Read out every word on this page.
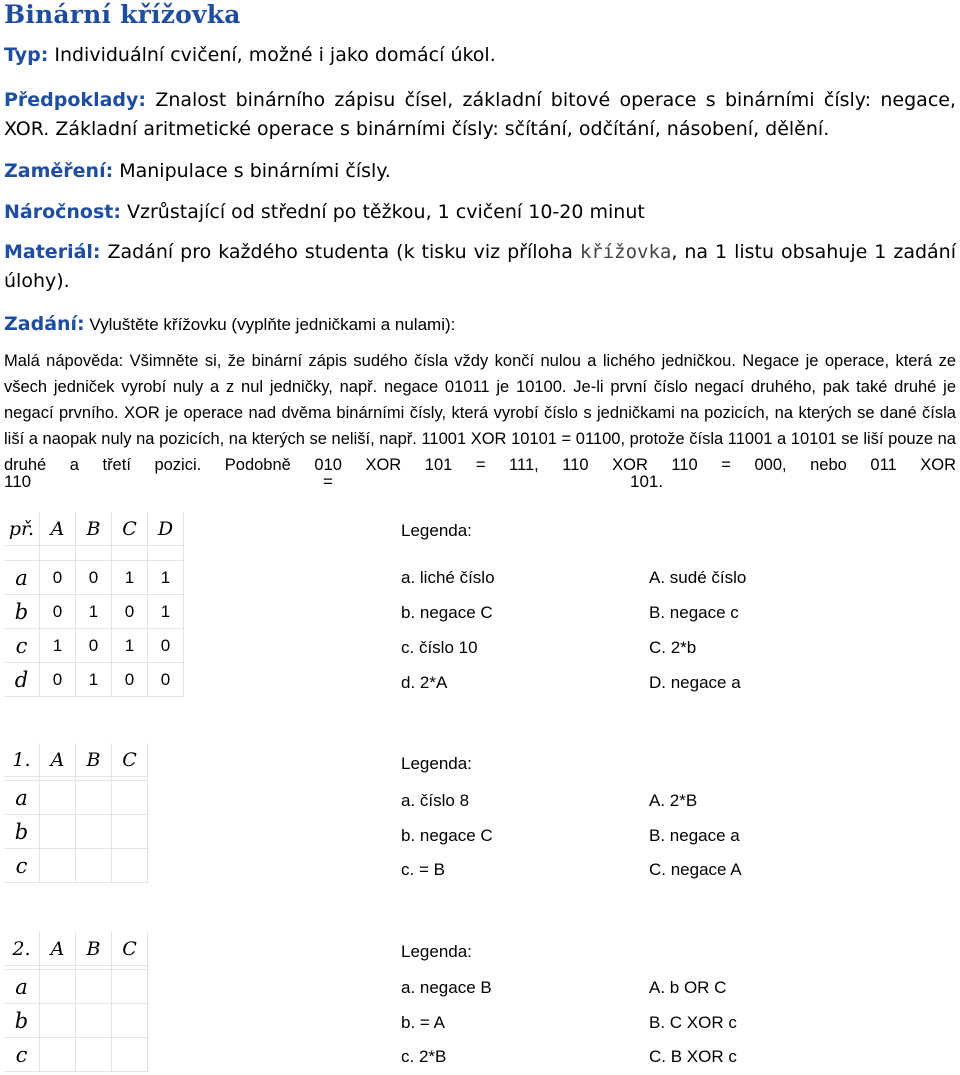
Binární křížovka
Typ: Individuální cvičení, možné i jako domácí úkol.
Předpoklady: Znalost binárního zápisu čísel, základní bitové operace s binárními čísly: negace, XOR. Základní aritmetické operace s binárními čísly: sčítání, odčítání, násobení, dělění.
Zaměření: Manipulace s binárními čísly.
Náročnost: Vzrůstající od střední po těžkou, 1 cvičení 10-20 minut
Materiál: Zadání pro každého studenta (k tisku viz příloha křížovka, na 1 listu obsahuje 1 zadání úlohy).
Zadání: Vyluštěte křížovku (vyplňte jedničkami a nulami):
Malá nápověda: Všimněte si, že binární zápis sudého čísla vždy končí nulou a lichého jedničkou. Negace je operace, která ze všech jedniček vyrobí nuly a z nul jedničky, např. negace 01011 je 10100. Je-li první číslo negací druhého, pak také druhé je negací prvního. XOR je operace nad dvěma binárními čísly, která vyrobí číslo s jedničkami na pozicích, na kterých se dané čísla liší a naopak nuly na pozicích, na kterých se neliší, např. 11001 XOR 10101 = 01100, protože čísla 11001 a 10101 se liší pouze na druhé a třetí pozici. Podobně 010 XOR 101 = 111, 110 XOR 110 = 000, nebo 011 XOR
110	=	101.
př.	A	B	C	D

a	0	0	1	1
b	0	1	0	1
c	1	0	1	0
d	0	1	0	0
Legenda:
a. liché číslo	A. sudé číslo
b. negace C	B. negace c
c. číslo 10	C. 2*b
d. 2*A	D. negace a
1.	A	B	C

a			
b			
c			
Legenda:
a. číslo 8	A. 2*B
b. negace C	B. negace a
c. = B	C. negace A
2.	A	B	C

a			
b			
c			
Legenda:
a. negace B	A. b OR C
b. = A	B. C XOR c
c. 2*B	C. B XOR c
